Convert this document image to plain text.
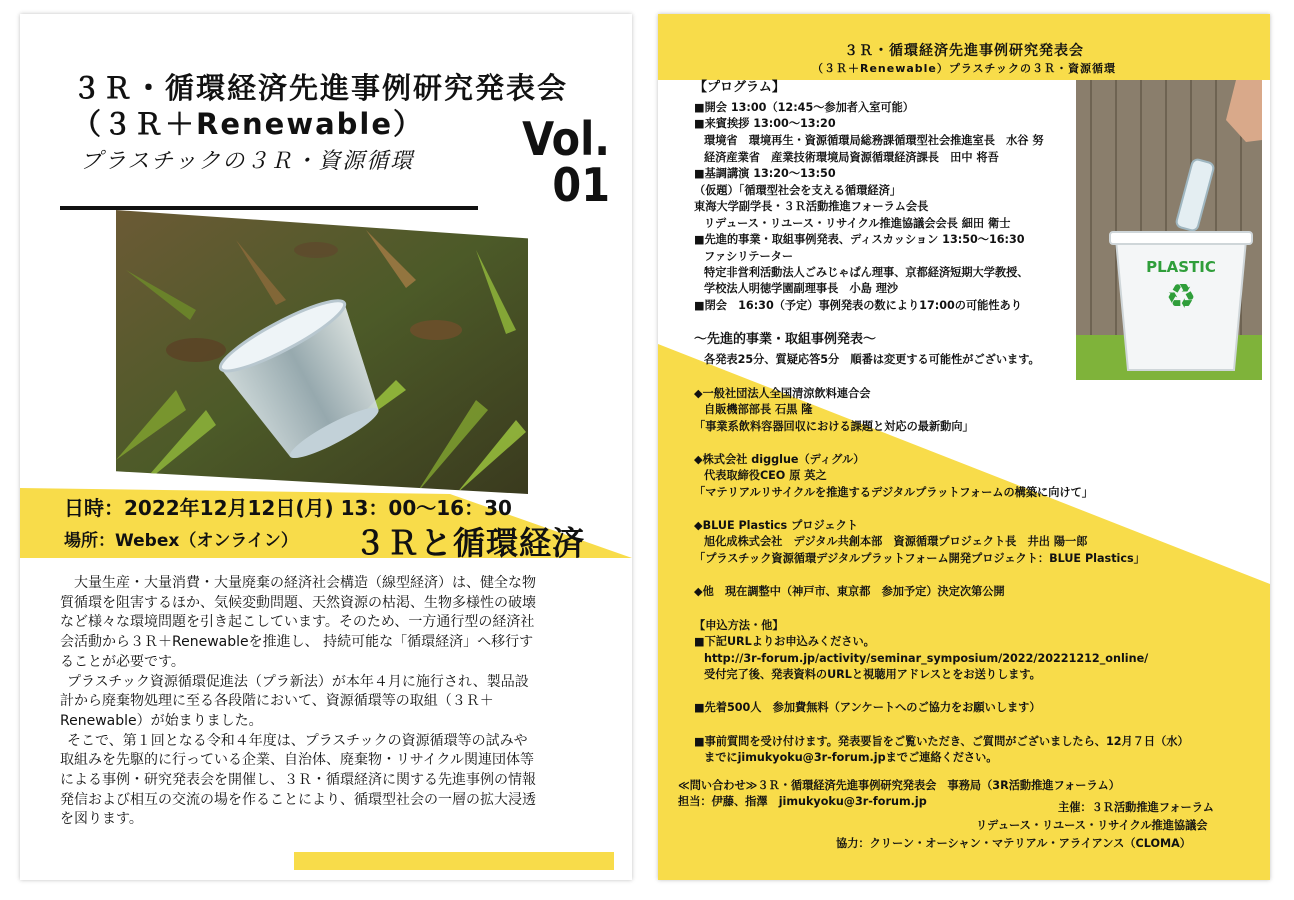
３Ｒ・循環経済先進事例研究発表会
（３Ｒ＋Renewable）
プラスチックの３Ｒ・資源循環 Vol.
01
日時：2022年12月12日(月) 13：00〜16：30
場所：Webex（オンライン） ３Ｒと循環経済

大量生産・大量消費・大量廃棄の経済社会構造（線型経済）は、健全な物

質循環を阻害するほか、気候変動問題、天然資源の枯渇、生物多様性の破壊

など様々な環境問題を引き起こしています。そのため、一方通行型の経済社

会活動から３Ｒ＋Renewableを推進し、 持続可能な「循環経済」へ移行す

ることが必要です。

プラスチック資源循環促進法（プラ新法）が本年４月に施行され、製品設

計から廃棄物処理に至る各段階において、資源循環等の取組（３Ｒ＋

Renewable）が始まりました。

そこで、第１回となる令和４年度は、プラスチックの資源循環等の試みや

取組みを先駆的に行っている企業、自治体、廃棄物・リサイクル関連団体等

による事例・研究発表会を開催し、３Ｒ・循環経済に関する先進事例の情報

発信および相互の交流の場を作ることにより、循環型社会の一層の拡大浸透

を図ります。

３Ｒ・循環経済先進事例研究発表会
（３Ｒ＋Renewable）プラスチックの３Ｒ・資源循環
PLASTIC
♻
【プログラム】
■開会 13:00（12:45〜参加者入室可能）
■来賓挨拶 13:00〜13:20
環境省　環境再生・資源循環局総務課循環型社会推進室長　水谷 努
経済産業省　産業技術環境局資源循環経済課長　田中 将吾
■基調講演 13:20〜13:50
（仮題）「循環型社会を支える循環経済」
東海大学副学長・３Ｒ活動推進フォーラム会長
リデュース・リユース・リサイクル推進協議会会長 細田 衛士
■先進的事業・取組事例発表、ディスカッション 13:50〜16:30
ファシリテーター
特定非営利活動法人ごみじゃぱん理事、京都経済短期大学教授、
学校法人明徳学園副理事長　小島 理沙
■閉会　16:30（予定）事例発表の数により17:00の可能性あり
〜先進的事業・取組事例発表〜
各発表25分、質疑応答5分　順番は変更する可能性がございます。
◆一般社団法人全国清涼飲料連合会
自販機部部長 石黒 隆
「事業系飲料容器回収における課題と対応の最新動向」
◆株式会社 digglue（ディグル）
代表取締役CEO 原 英之
「マテリアルリサイクルを推進するデジタルプラットフォームの構築に向けて」
◆BLUE Plastics プロジェクト
旭化成株式会社　デジタル共創本部　資源循環プロジェクト長　井出 陽一郎
「プラスチック資源循環デジタルプラットフォーム開発プロジェクト：BLUE Plastics」
◆他　現在調整中（神戸市、東京都　参加予定）決定次第公開
【申込方法・他】
■下記URLよりお申込みください。
http://3r-forum.jp/activity/seminar_symposium/2022/20221212_online/
受付完了後、発表資料のURLと視聴用アドレスとをお送りします。
■先着500人　参加費無料（アンケートへのご協力をお願いします）
■事前質問を受け付けます。発表要旨をご覧いただき、ご質問がございましたら、12月７日（水）
までにjimukyoku@3r-forum.jpまでご連絡ください。
≪問い合わせ≫３Ｒ・循環経済先進事例研究発表会　事務局（3R活動推進フォーラム）
担当：伊藤、指澤　jimukyoku@3r-forum.jp	主催：３Ｒ活動推進フォーラム
リデュース・リユース・リサイクル推進協議会
協力：クリーン・オーシャン・マテリアル・アライアンス（CLOMA）
